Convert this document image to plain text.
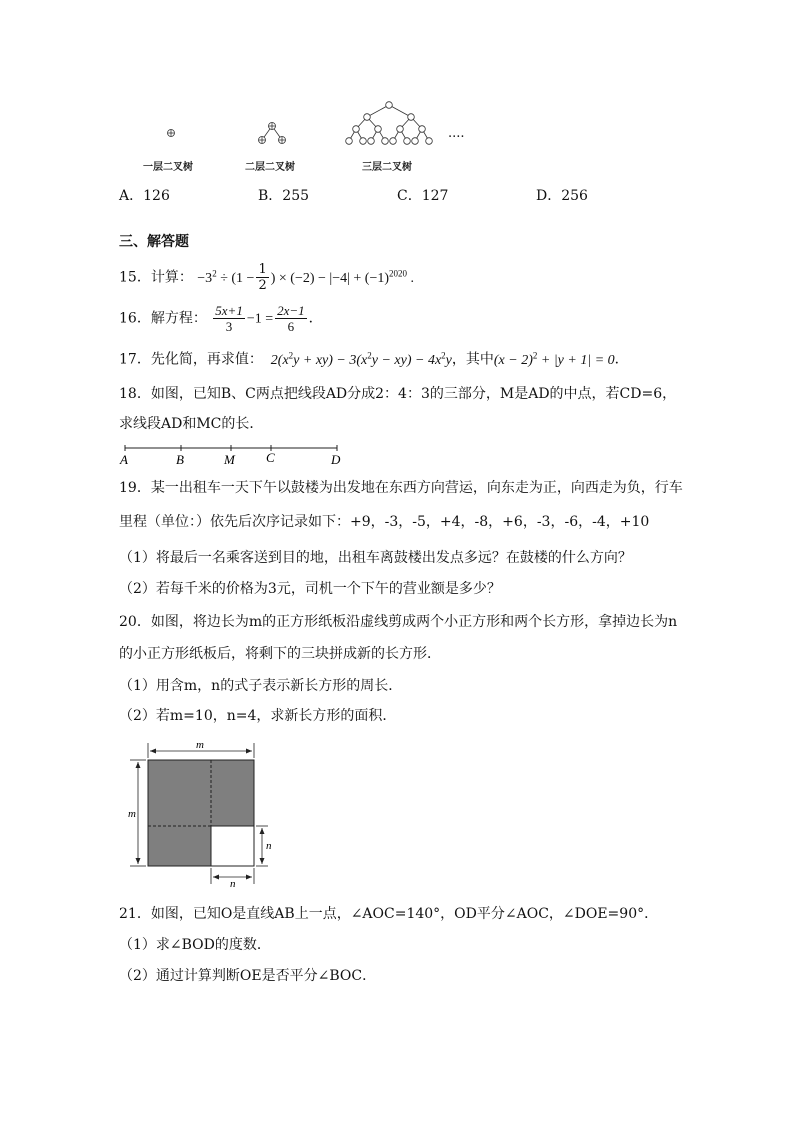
....
一层二叉树	二层二叉树	三层二叉树
A．126	B．255	C．127	D．256
三、解答题
15．计算： $-3^2 \div (1 - \frac{1}{2}$ ) × $(-2) - |-4| + (-1)^{2020}$ .
16．解方程： $\frac{5x+1}{3} -1 = \frac{2x-1}{6}$ ．
17．先化简，再求值：  $2(x^2y + xy) - 3(x^2y - xy) - 4x^2y$，其中$(x - 2)^2 + |y + 1| = 0$．
18．如图，已知B、C两点把线段AD分成2：4：3的三部分，M是AD的中点，若CD=6，
求线段AD和MC的长．
A	B	M C	D
19．某一出租车一天下午以鼓楼为出发地在东西方向营运，向东走为正，向西走为负，行车
里程（单位：）依先后次序记录如下：+9，-3，-5，+4，-8，+6，-3，-6，-4，+10
（1）将最后一名乘客送到目的地，出租车离鼓楼出发点多远？在鼓楼的什么方向？
（2）若每千米的价格为3元，司机一个下午的营业额是多少？
20．如图，将边长为m的正方形纸板沿虚线剪成两个小正方形和两个长方形，拿掉边长为n
的小正方形纸板后，将剩下的三块拼成新的长方形．
（1）用含m，n的式子表示新长方形的周长．
（2）若m=10，n=4，求新长方形的面积．
m
m
n
n
21．如图，已知O是直线AB上一点，∠AOC=140°，OD平分∠AOC，∠DOE=90°．
（1）求∠BOD的度数．
（2）通过计算判断OE是否平分∠BOC．
